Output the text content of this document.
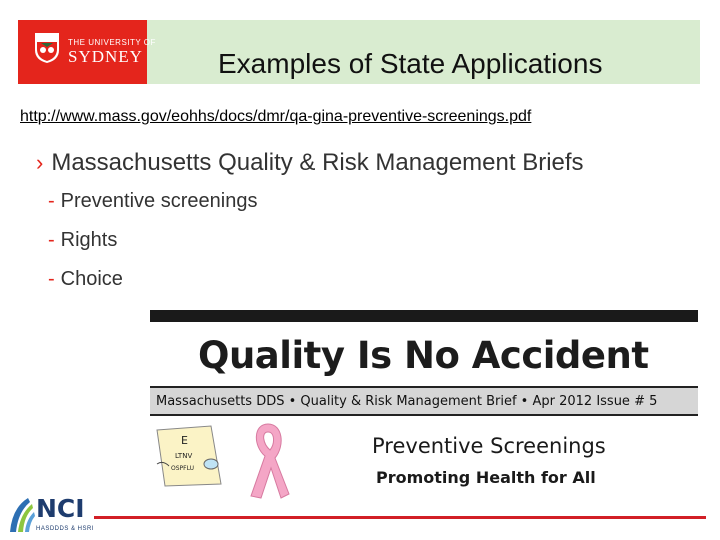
THE UNIVERSITY OF
SYDNEY	Examples of State Applications
http://www.mass.gov/eohhs/docs/dmr/qa-gina-preventive-screenings.pdf
› Massachusetts Quality & Risk Management Briefs
- Preventive screenings
- Rights
- Choice
Quality Is No Accident
Massachusetts DDS • Quality & Risk Management Brief • Apr 2012 Issue # 5
E
LTNV
OSPFLU
Preventive Screenings
Promoting Health for All
NCI
HASDDDS & HSRI
